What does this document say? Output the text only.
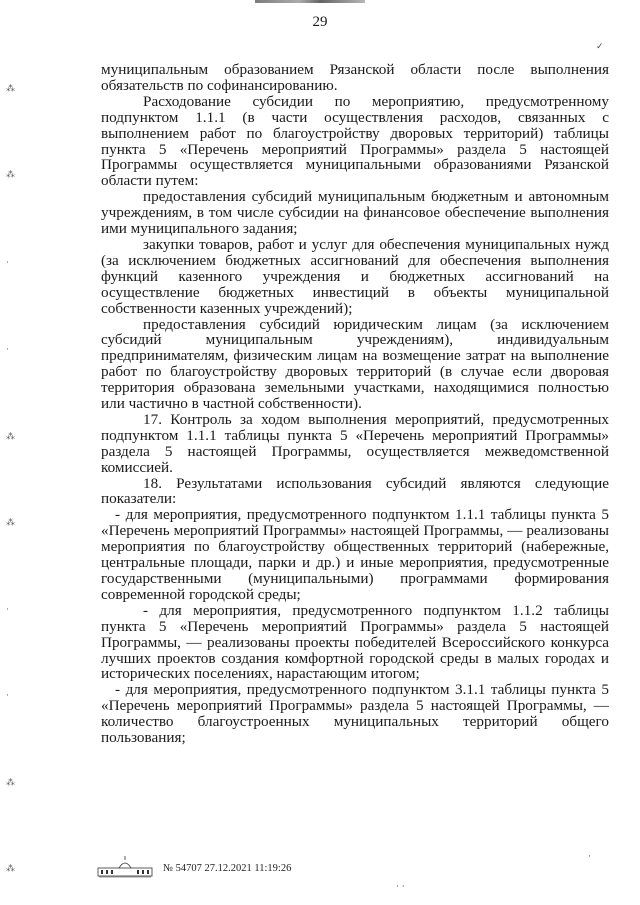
29

муниципальным образованием Рязанской области после выполнения обязательств по софинансированию.

Расходование субсидии по мероприятию, предусмотренному подпунктом 1.1.1 (в части осуществления расходов, связанных с выполнением работ по благоустройству дворовых территорий) таблицы пункта 5 «Перечень мероприятий Программы» раздела 5 настоящей Программы осуществляется муниципальными образованиями Рязанской области путем:

предоставления субсидий муниципальным бюджетным и автономным учреждениям, в том числе субсидии на финансовое обеспечение выполнения ими муниципального задания;

закупки товаров, работ и услуг для обеспечения муниципальных нужд (за исключением бюджетных ассигнований для обеспечения выполнения функций казенного учреждения и бюджетных ассигнований на осуществление бюджетных инвестиций в объекты муниципальной собственности казенных учреждений);

предоставления субсидий юридическим лицам (за исключением субсидий муниципальным учреждениям), индивидуальным предпринимателям, физическим лицам на возмещение затрат на выполнение работ по благоустройству дворовых территорий (в случае если дворовая территория образована земельными участками, находящимися полностью или частично в частной собственности).

17. Контроль за ходом выполнения мероприятий, предусмотренных подпунктом 1.1.1 таблицы пункта 5 «Перечень мероприятий Программы» раздела 5 настоящей Программы, осуществляется межведомственной комиссией.

18. Результатами использования субсидий являются следующие показатели:

- для мероприятия, предусмотренного подпунктом 1.1.1 таблицы пункта 5 «Перечень мероприятий Программы» настоящей Программы, — реализованы мероприятия по благоустройству общественных территорий (набережные, центральные площади, парки и др.) и иные мероприятия, предусмотренные государственными (муниципальными) программами формирования современной городской среды;

- для мероприятия, предусмотренного подпунктом 1.1.2 таблицы пункта 5 «Перечень мероприятий Программы» раздела 5 настоящей Программы, — реализованы проекты победителей Всероссийского конкурса лучших проектов создания комфортной городской среды в малых городах и исторических поселениях, нарастающим итогом;

- для мероприятия, предусмотренного подпунктом 3.1.1 таблицы пункта 5 «Перечень мероприятий Программы» раздела 5 настоящей Программы, — количество благоустроенных муниципальных территорий общего пользования;

⁂
⁂
·
·
⁂
⁂
·
·
⁂
⁂
✓
·
· ·
№ 54707 27.12.2021 11:19:26
